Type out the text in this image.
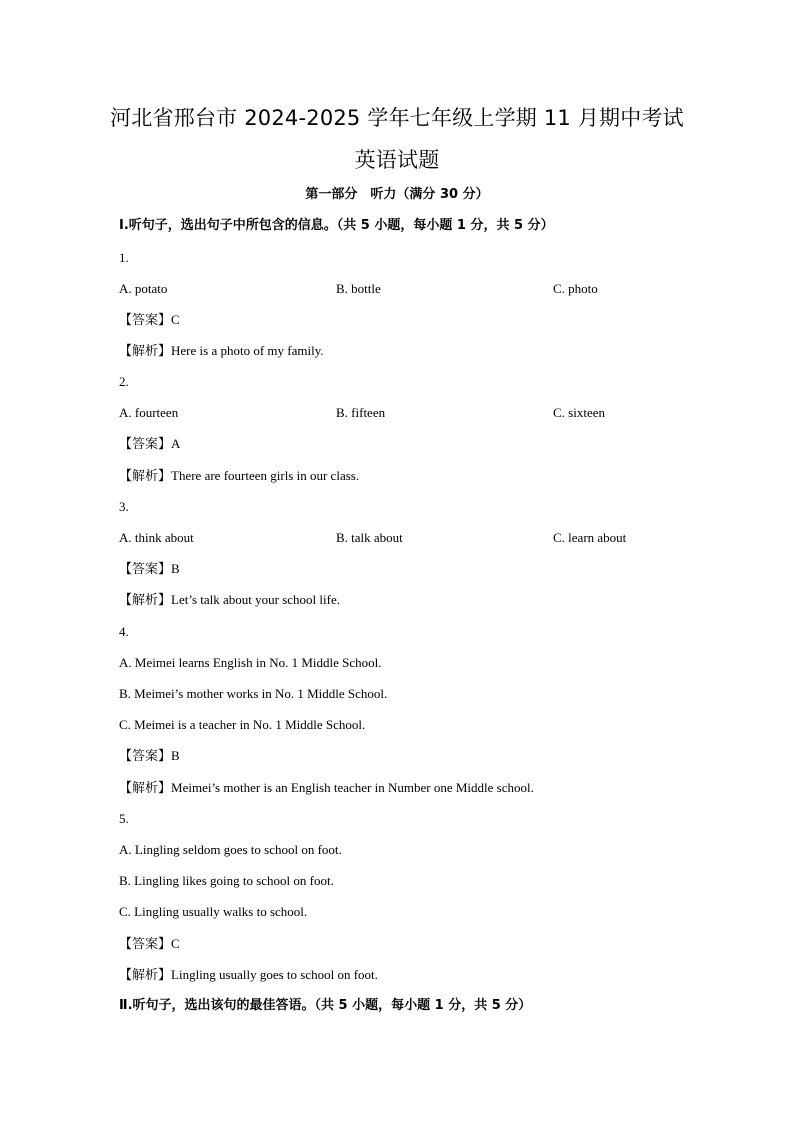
河北省邢台市 2024-2025 学年七年级上学期 11 月期中考试
英语试题
第一部分　听力（满分 30 分）
Ⅰ.听句子，选出句子中所包含的信息。（共 5 小题，每小题 1 分，共 5 分）
1.
A. potato	B. bottle	C. photo
【答案】C
【解析】Here is a photo of my family.
2.
A. fourteen	B. fifteen	C. sixteen
【答案】A
【解析】There are fourteen girls in our class.
3.
A. think about	B. talk about	C. learn about
【答案】B
【解析】Let’s talk about your school life.
4.
A. Meimei learns English in No. 1 Middle School.
B. Meimei’s mother works in No. 1 Middle School.
C. Meimei is a teacher in No. 1 Middle School.
【答案】B
【解析】Meimei’s mother is an English teacher in Number one Middle school.
5.
A. Lingling seldom goes to school on foot.
B. Lingling likes going to school on foot.
C. Lingling usually walks to school.
【答案】C
【解析】Lingling usually goes to school on foot.
Ⅱ.听句子，选出该句的最佳答语。（共 5 小题，每小题 1 分，共 5 分）
